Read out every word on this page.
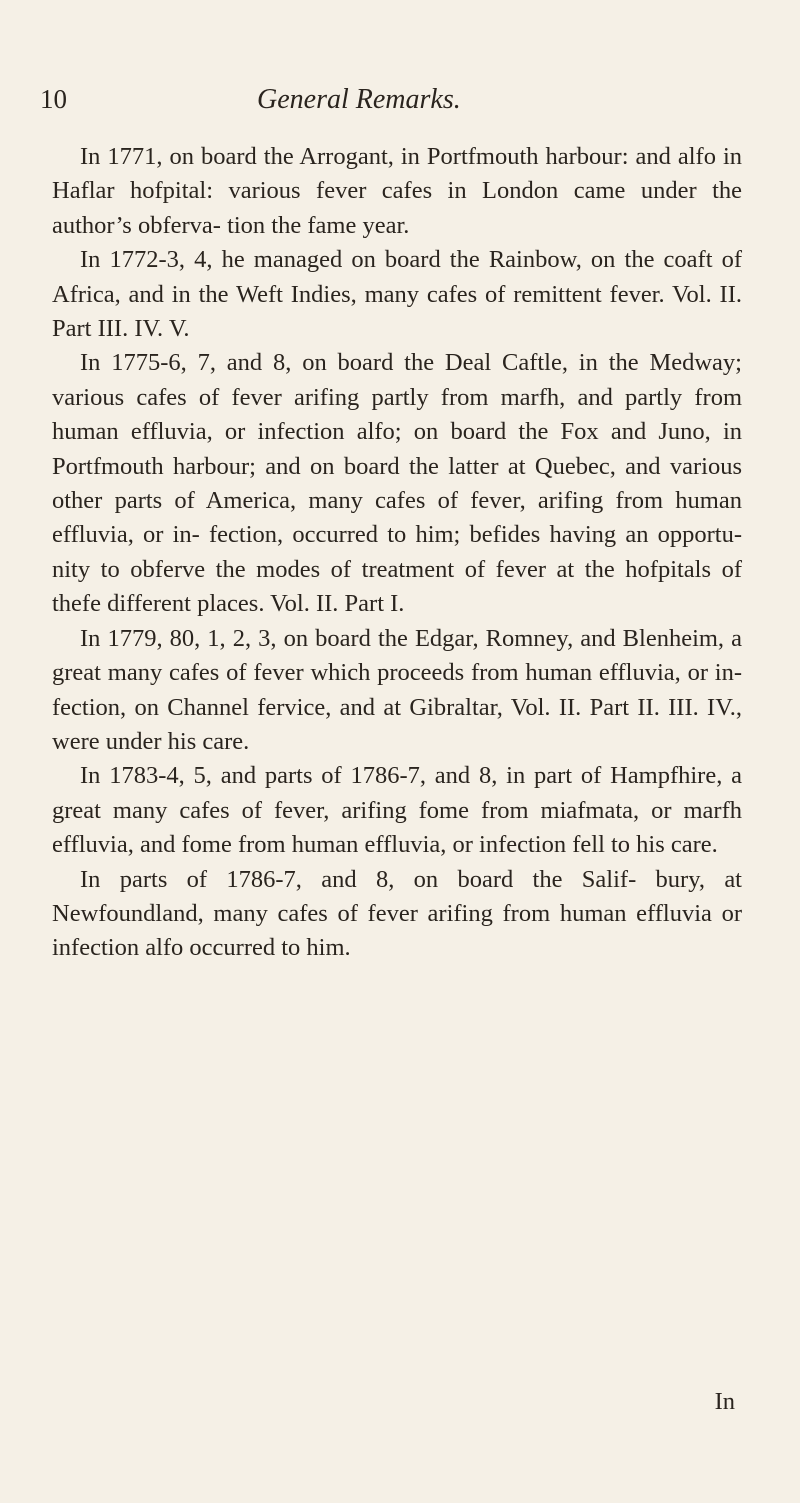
10	General Remarks.

In 1771, on board the Arrogant, in Portfmouth harbour: and alfo in Haflar hofpital: various fever cafes in London came under the author’s obferva- tion the fame year.

In 1772-3, 4, he managed on board the Rainbow, on the coaft of Africa, and in the Weft Indies, many cafes of remittent fever. Vol. II. Part III. IV. V.

In 1775-6, 7, and 8, on board the Deal Caftle, in the Medway; various cafes of fever arifing partly from marfh, and partly from human effluvia, or infection alfo; on board the Fox and Juno, in Portfmouth harbour; and on board the latter at Quebec, and various other parts of America, many cafes of fever, arifing from human effluvia, or in- fection, occurred to him; befides having an opportu- nity to obferve the modes of treatment of fever at the hofpitals of thefe different places. Vol. II. Part I.

In 1779, 80, 1, 2, 3, on board the Edgar, Romney, and Blenheim, a great many cafes of fever which proceeds from human effluvia, or in- fection, on Channel fervice, and at Gibraltar, Vol. II. Part II. III. IV., were under his care.

In 1783-4, 5, and parts of 1786-7, and 8, in part of Hampfhire, a great many cafes of fever, arifing fome from miafmata, or marfh effluvia, and fome from human effluvia, or infection fell to his care.

In parts of 1786-7, and 8, on board the Salif- bury, at Newfoundland, many cafes of fever arifing from human effluvia or infection alfo occurred to him.

In
